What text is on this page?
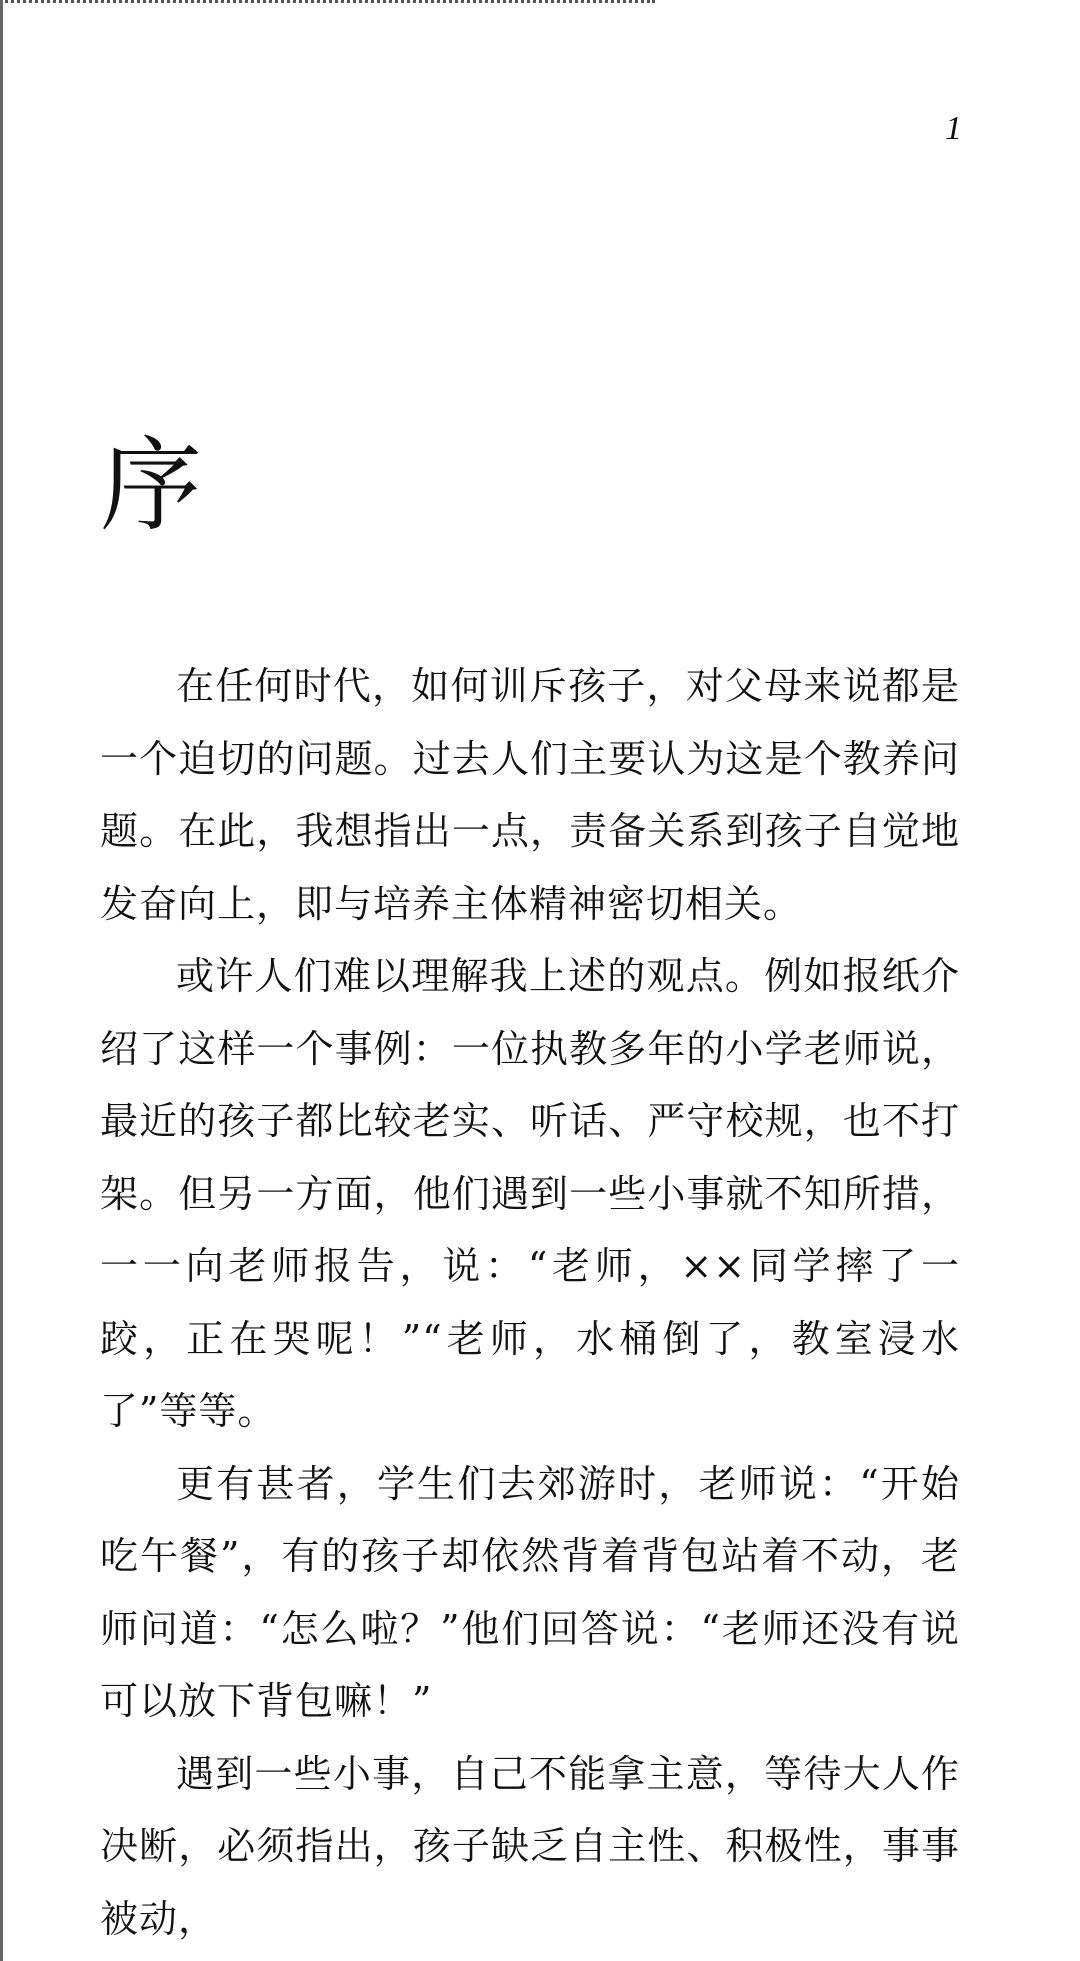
1
序

在任何时代，如何训斥孩子，对父母来说都是一个迫切的问题。过去人们主要认为这是个教养问题。在此，我想指出一点，责备关系到孩子自觉地发奋向上，即与培养主体精神密切相关。

或许人们难以理解我上述的观点。例如报纸介绍了这样一个事例：一位执教多年的小学老师说，最近的孩子都比较老实、听话、严守校规，也不打架。但另一方面，他们遇到一些小事就不知所措，一一向老师报告，说：“老师，××同学摔了一跤，正在哭呢！”“老师，水桶倒了，教室浸水了”等等。

更有甚者，学生们去郊游时，老师说：“开始吃午餐”，有的孩子却依然背着背包站着不动，老师问道：“怎么啦？”他们回答说：“老师还没有说可以放下背包嘛！”

遇到一些小事，自己不能拿主意，等待大人作决断，必须指出，孩子缺乏自主性、积极性，事事被动，
